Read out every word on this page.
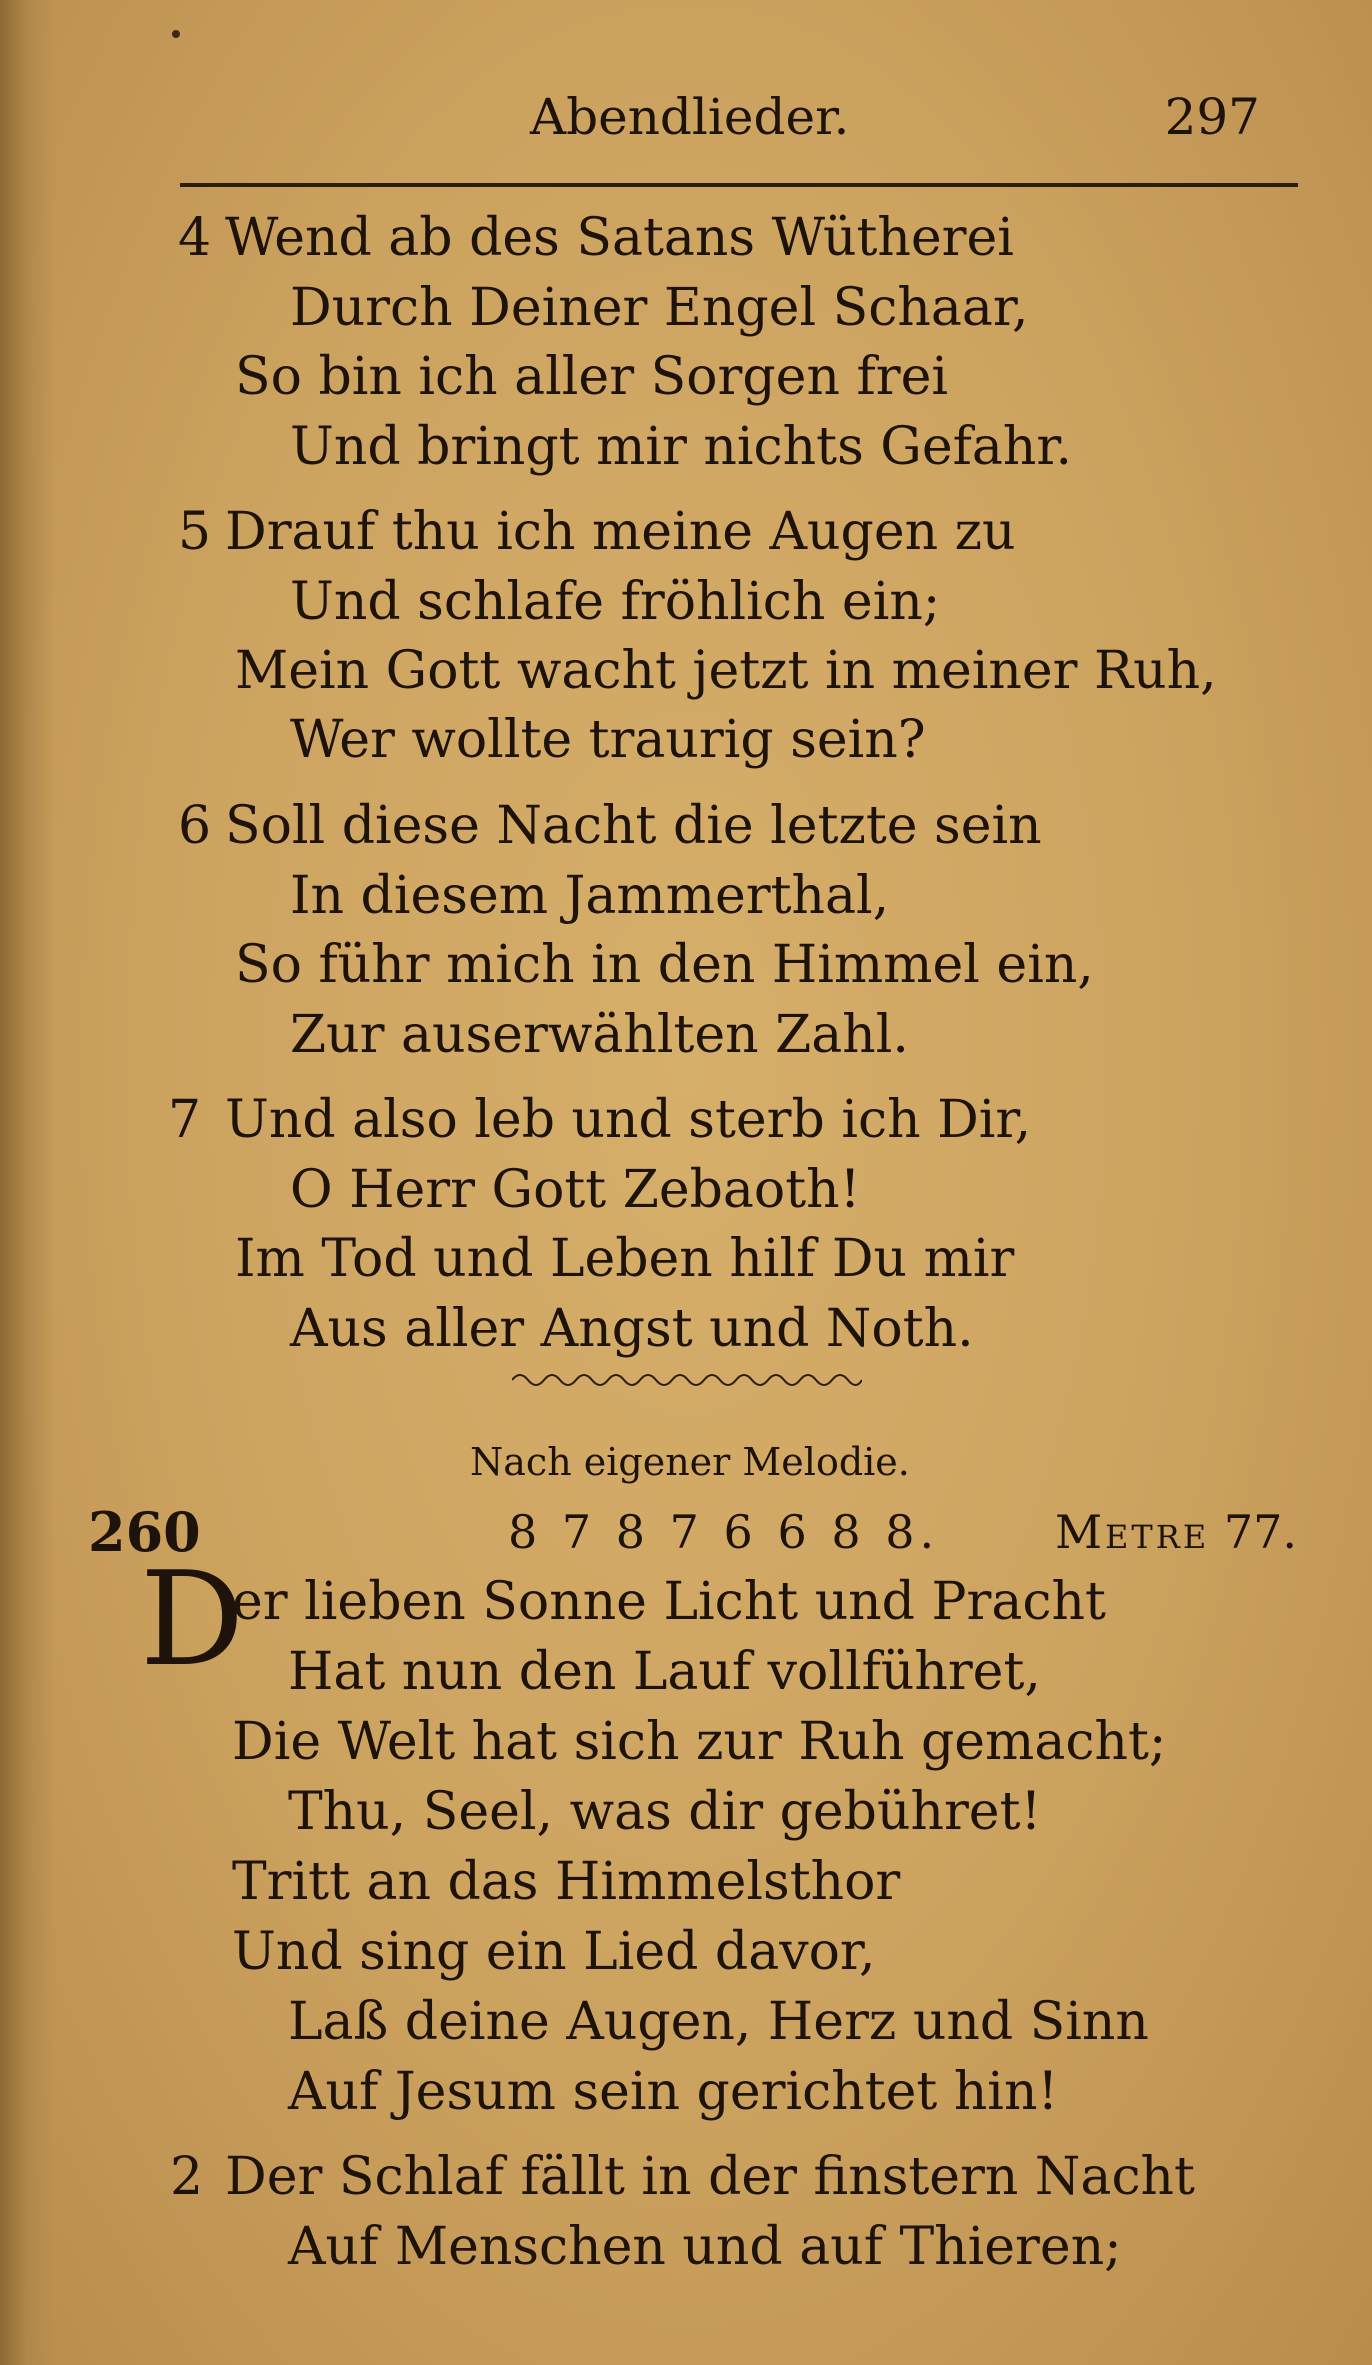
Abendlieder.	297
4 Wend ab des Satans Wütherei
Durch Deiner Engel Schaar,
So bin ich aller Sorgen frei
Und bringt mir nichts Gefahr.
5 Drauf thu ich meine Augen zu
Und schlafe fröhlich ein;
Mein Gott wacht jetzt in meiner Ruh,
Wer wollte traurig sein?
6 Soll diese Nacht die letzte sein
In diesem Jammerthal,
So führ mich in den Himmel ein,
Zur auserwählten Zahl.
7 Und also leb und sterb ich Dir,
O Herr Gott Zebaoth!
Im Tod und Leben hilf Du mir
Aus aller Angst und Noth.
Nach eigener Melodie.
260	8 7 8 7 6 6 8 8.	Metre 77.
D
er lieben Sonne Licht und Pracht
Hat nun den Lauf vollführet,
Die Welt hat sich zur Ruh gemacht;
Thu, Seel, was dir gebühret!
Tritt an das Himmelsthor
Und sing ein Lied davor,
Laß deine Augen, Herz und Sinn
Auf Jesum sein gerichtet hin!
2 Der Schlaf fällt in der finstern Nacht
Auf Menschen und auf Thieren;
